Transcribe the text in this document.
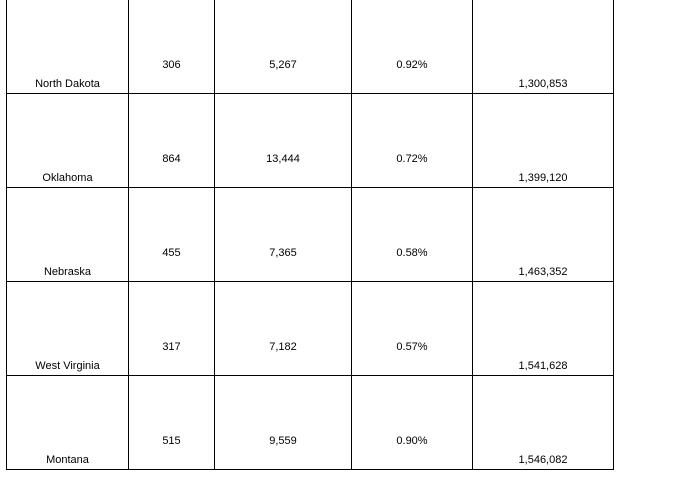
North Dakota	306	5,267	0.92%	1,300,853

Oklahoma	864	13,444	0.72%	1,399,120

Nebraska	455	7,365	0.58%	1,463,352

West Virginia	317	7,182	0.57%	1,541,628

Montana	515	9,559	0.90%	1,546,082
